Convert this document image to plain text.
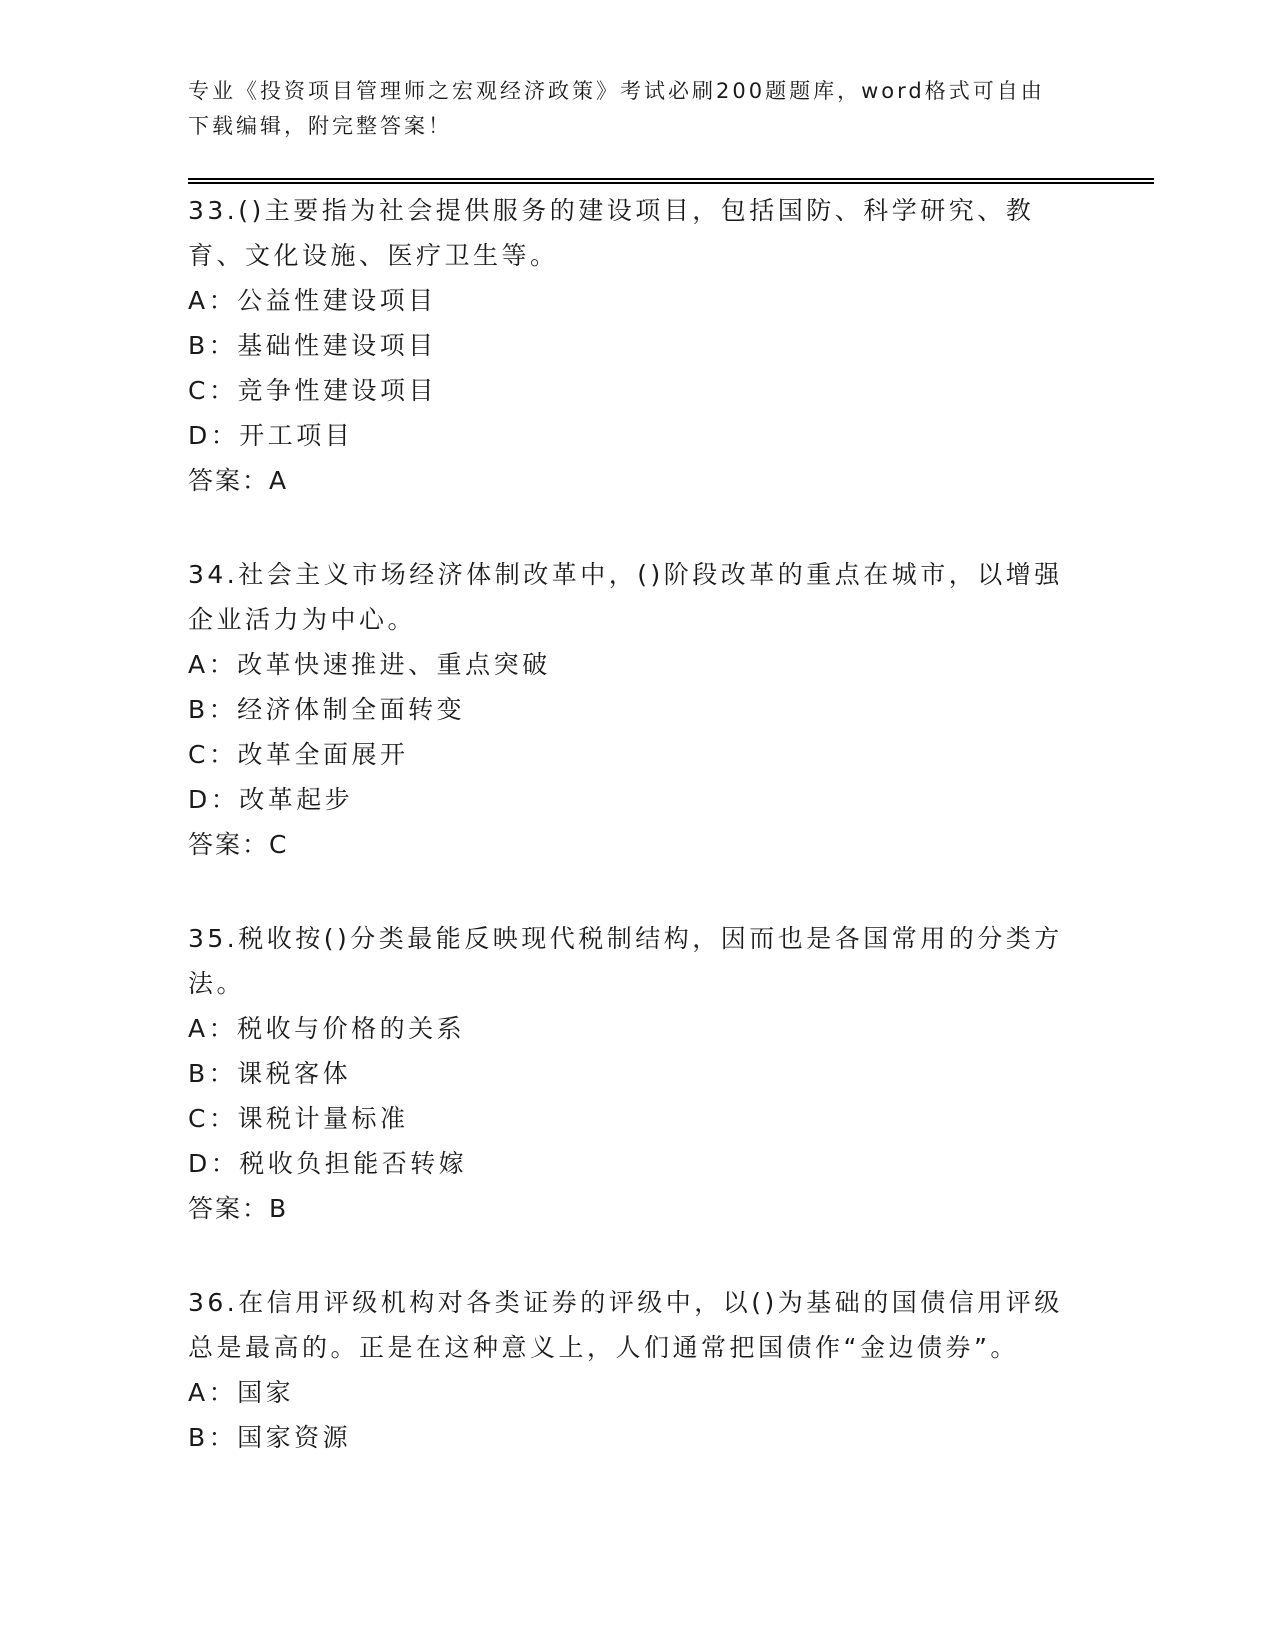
专业《投资项目管理师之宏观经济政策》考试必刷200题题库，word格式可自由下载编辑，附完整答案！

33.()主要指为社会提供服务的建设项目，包括国防、科学研究、教育、文化设施、医疗卫生等。

A：公益性建设项目

B：基础性建设项目

C：竞争性建设项目

D：开工项目

答案：A

34.社会主义市场经济体制改革中，()阶段改革的重点在城市，以增强企业活力为中心。

A：改革快速推进、重点突破

B：经济体制全面转变

C：改革全面展开

D：改革起步

答案：C

35.税收按()分类最能反映现代税制结构，因而也是各国常用的分类方法。

A：税收与价格的关系

B：课税客体

C：课税计量标准

D：税收负担能否转嫁

答案：B

36.在信用评级机构对各类证券的评级中，以()为基础的国债信用评级总是最高的。正是在这种意义上，人们通常把国债作“金边债券”。

A：国家

B：国家资源
